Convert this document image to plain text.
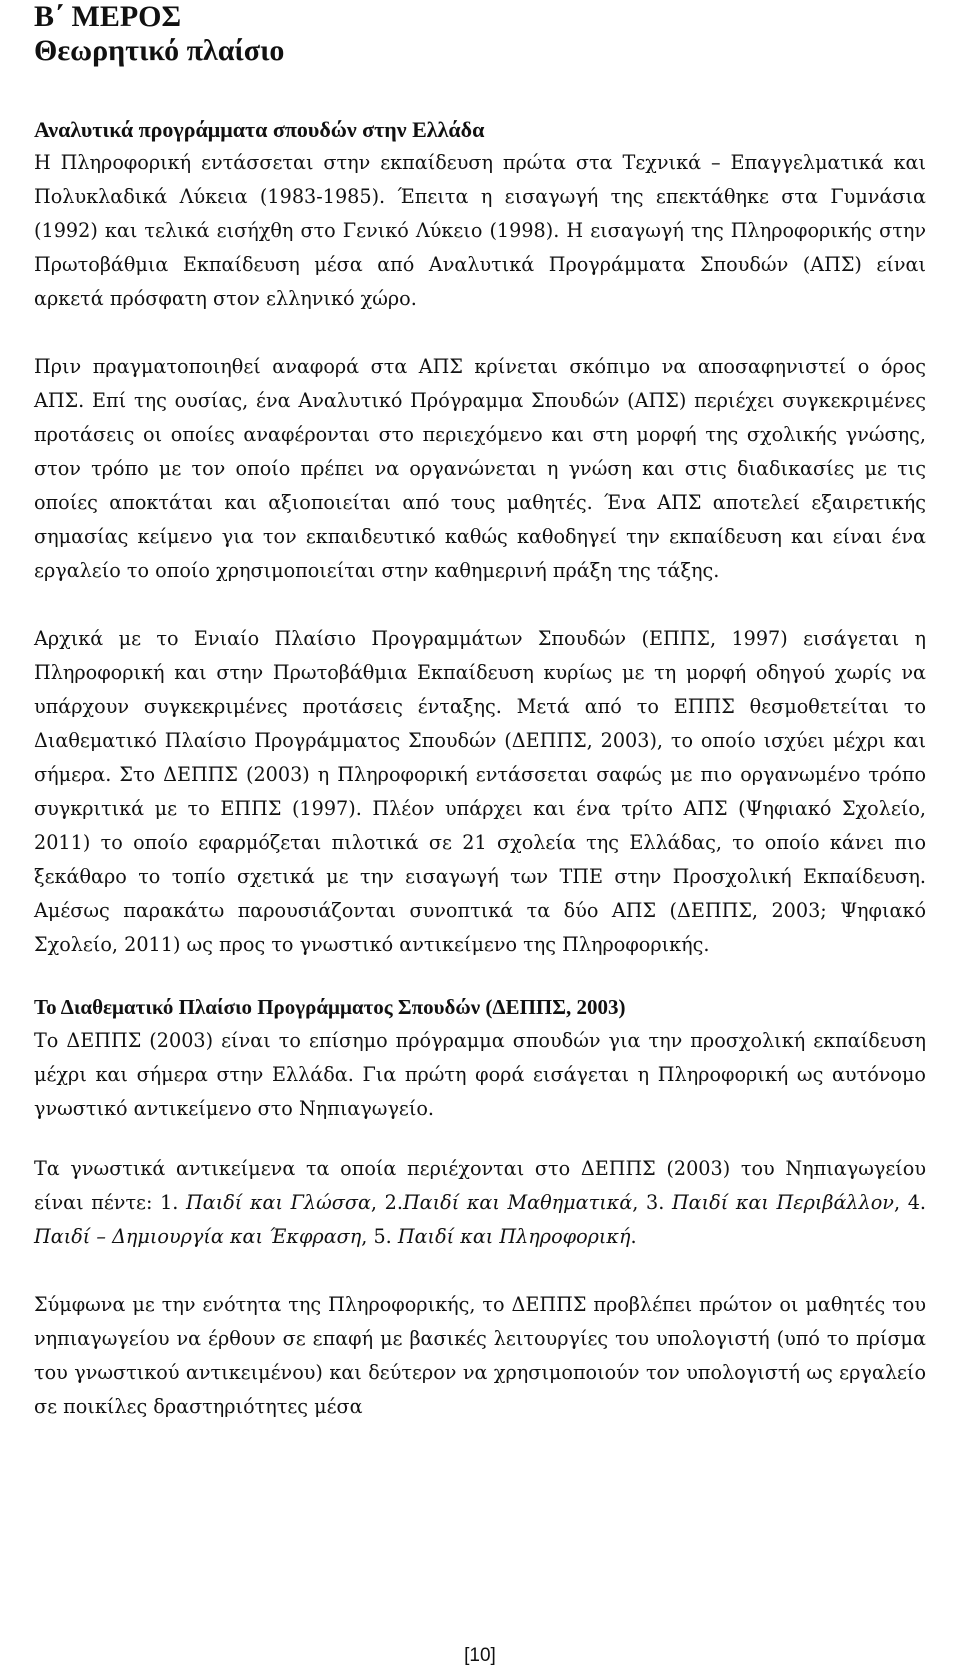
Β΄ ΜΕΡΟΣ
Θεωρητικό πλαίσιο
Αναλυτικά προγράμματα σπουδών στην Ελλάδα

Η Πληροφορική εντάσσεται στην εκπαίδευση πρώτα στα Τεχνικά – Επαγγελματικά και Πολυκλαδικά Λύκεια (1983-1985). Έπειτα η εισαγωγή της επεκτάθηκε στα Γυμνάσια (1992) και τελικά εισήχθη στο Γενικό Λύκειο (1998). Η εισαγωγή της Πληροφορικής στην Πρωτοβάθμια Εκπαίδευση μέσα από Αναλυτικά Προγράμματα Σπουδών (ΑΠΣ) είναι αρκετά πρόσφατη στον ελληνικό χώρο.

Πριν πραγματοποιηθεί αναφορά στα ΑΠΣ κρίνεται σκόπιμο να αποσαφηνιστεί ο όρος ΑΠΣ. Επί της ουσίας, ένα Αναλυτικό Πρόγραμμα Σπουδών (ΑΠΣ) περιέχει συγκεκριμένες προτάσεις οι οποίες αναφέρονται στο περιεχόμενο και στη μορφή της σχολικής γνώσης, στον τρόπο με τον οποίο πρέπει να οργανώνεται η γνώση και στις διαδικασίες με τις οποίες αποκτάται και αξιοποιείται από τους μαθητές. Ένα ΑΠΣ αποτελεί εξαιρετικής σημασίας κείμενο για τον εκπαιδευτικό καθώς καθοδηγεί την εκπαίδευση και είναι ένα εργαλείο το οποίο χρησιμοποιείται στην καθημερινή πράξη της τάξης.

Αρχικά με το Ενιαίο Πλαίσιο Προγραμμάτων Σπουδών (ΕΠΠΣ, 1997) εισάγεται η Πληροφορική και στην Πρωτοβάθμια Εκπαίδευση κυρίως με τη μορφή οδηγού χωρίς να υπάρχουν συγκεκριμένες προτάσεις ένταξης. Μετά από το ΕΠΠΣ θεσμοθετείται το Διαθεματικό Πλαίσιο Προγράμματος Σπουδών (ΔΕΠΠΣ, 2003), το οποίο ισχύει μέχρι και σήμερα. Στο ΔΕΠΠΣ (2003) η Πληροφορική εντάσσεται σαφώς με πιο οργανωμένο τρόπο συγκριτικά με το ΕΠΠΣ (1997). Πλέον υπάρχει και ένα τρίτο ΑΠΣ (Ψηφιακό Σχολείο, 2011) το οποίο εφαρμόζεται πιλοτικά σε 21 σχολεία της Ελλάδας, το οποίο κάνει πιο ξεκάθαρο το τοπίο σχετικά με την εισαγωγή των ΤΠΕ στην Προσχολική Εκπαίδευση. Αμέσως παρακάτω παρουσιάζονται συνοπτικά τα δύο ΑΠΣ (ΔΕΠΠΣ, 2003; Ψηφιακό Σχολείο, 2011) ως προς το γνωστικό αντικείμενο της Πληροφορικής.

Το Διαθεματικό Πλαίσιο Προγράμματος Σπουδών (ΔΕΠΠΣ, 2003)

Το ΔΕΠΠΣ (2003) είναι το επίσημο πρόγραμμα σπουδών για την προσχολική εκπαίδευση μέχρι και σήμερα στην Ελλάδα. Για πρώτη φορά εισάγεται η Πληροφορική ως αυτόνομο γνωστικό αντικείμενο στο Νηπιαγωγείο.

Τα γνωστικά αντικείμενα τα οποία περιέχονται στο ΔΕΠΠΣ (2003) του Νηπιαγωγείου είναι πέντε: 1. Παιδί και Γλώσσα, 2.Παιδί και Μαθηματικά, 3. Παιδί και Περιβάλλον, 4. Παιδί – Δημιουργία και Έκφραση, 5. Παιδί και Πληροφορική.

Σύμφωνα με την ενότητα της Πληροφορικής, το ΔΕΠΠΣ προβλέπει πρώτον οι μαθητές του νηπιαγωγείου να έρθουν σε επαφή με βασικές λειτουργίες του υπολογιστή (υπό το πρίσμα του γνωστικού αντικειμένου) και δεύτερον να χρησιμοποιούν τον υπολογιστή ως εργαλείο σε ποικίλες δραστηριότητες μέσα

[10]
